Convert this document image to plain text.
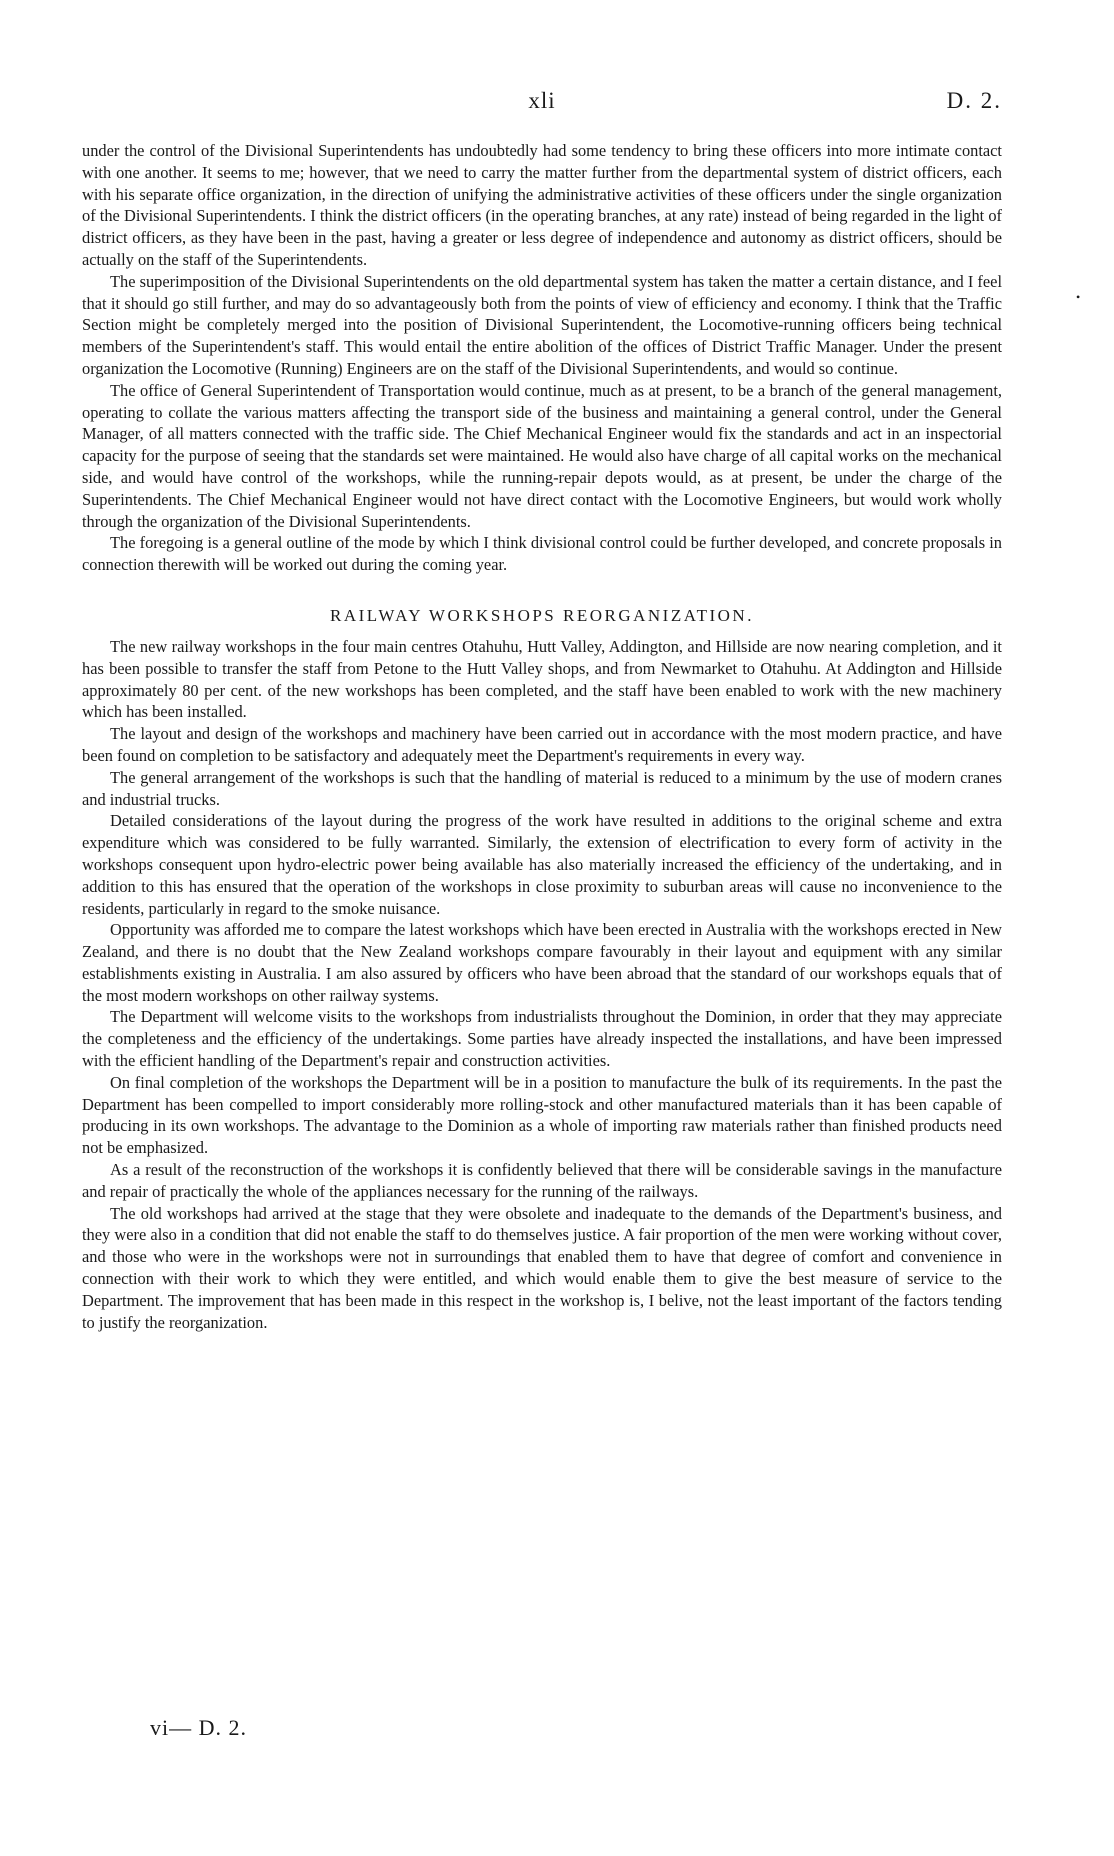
xli	D. 2.
•

under the control of the Divisional Superintendents has undoubtedly had some tendency to bring these officers into more intimate contact with one another. It seems to me; however, that we need to carry the matter further from the departmental system of district officers, each with his separate office organization, in the direction of unifying the administrative activities of these officers under the single organization of the Divisional Superintendents. I think the district officers (in the operating branches, at any rate) instead of being regarded in the light of district officers, as they have been in the past, having a greater or less degree of independence and autonomy as district officers, should be actually on the staff of the Superintendents.

The superimposition of the Divisional Superintendents on the old departmental system has taken the matter a certain distance, and I feel that it should go still further, and may do so advantageously both from the points of view of efficiency and economy. I think that the Traffic Section might be completely merged into the position of Divisional Superintendent, the Locomotive-running officers being technical members of the Superintendent's staff. This would entail the entire abolition of the offices of District Traffic Manager. Under the present organization the Locomotive (Running) Engineers are on the staff of the Divisional Superintendents, and would so continue.

The office of General Superintendent of Transportation would continue, much as at present, to be a branch of the general management, operating to collate the various matters affecting the transport side of the business and maintaining a general control, under the General Manager, of all matters connected with the traffic side. The Chief Mechanical Engineer would fix the standards and act in an inspectorial capacity for the purpose of seeing that the standards set were maintained. He would also have charge of all capital works on the mechanical side, and would have control of the workshops, while the running-repair depots would, as at present, be under the charge of the Superintendents. The Chief Mechanical Engineer would not have direct contact with the Locomotive Engineers, but would work wholly through the organization of the Divisional Superintendents.

The foregoing is a general outline of the mode by which I think divisional control could be further developed, and concrete proposals in connection therewith will be worked out during the coming year.

RAILWAY WORKSHOPS REORGANIZATION.

The new railway workshops in the four main centres Otahuhu, Hutt Valley, Addington, and Hillside are now nearing completion, and it has been possible to transfer the staff from Petone to the Hutt Valley shops, and from Newmarket to Otahuhu. At Addington and Hillside approximately 80 per cent. of the new workshops has been completed, and the staff have been enabled to work with the new machinery which has been installed.

The layout and design of the workshops and machinery have been carried out in accordance with the most modern practice, and have been found on completion to be satisfactory and adequately meet the Department's requirements in every way.

The general arrangement of the workshops is such that the handling of material is reduced to a minimum by the use of modern cranes and industrial trucks.

Detailed considerations of the layout during the progress of the work have resulted in additions to the original scheme and extra expenditure which was considered to be fully warranted. Similarly, the extension of electrification to every form of activity in the workshops consequent upon hydro-electric power being available has also materially increased the efficiency of the undertaking, and in addition to this has ensured that the operation of the workshops in close proximity to suburban areas will cause no inconvenience to the residents, particularly in regard to the smoke nuisance.

Opportunity was afforded me to compare the latest workshops which have been erected in Australia with the workshops erected in New Zealand, and there is no doubt that the New Zealand workshops compare favourably in their layout and equipment with any similar establishments existing in Australia. I am also assured by officers who have been abroad that the standard of our workshops equals that of the most modern workshops on other railway systems.

The Department will welcome visits to the workshops from industrialists throughout the Dominion, in order that they may appreciate the completeness and the efficiency of the undertakings. Some parties have already inspected the installations, and have been impressed with the efficient handling of the Department's repair and construction activities.

On final completion of the workshops the Department will be in a position to manufacture the bulk of its requirements. In the past the Department has been compelled to import considerably more rolling-stock and other manufactured materials than it has been capable of producing in its own workshops. The advantage to the Dominion as a whole of importing raw materials rather than finished products need not be emphasized.

As a result of the reconstruction of the workshops it is confidently believed that there will be considerable savings in the manufacture and repair of practically the whole of the appliances necessary for the running of the railways.

The old workshops had arrived at the stage that they were obsolete and inadequate to the demands of the Department's business, and they were also in a condition that did not enable the staff to do themselves justice. A fair proportion of the men were working without cover, and those who were in the workshops were not in surroundings that enabled them to have that degree of comfort and convenience in connection with their work to which they were entitled, and which would enable them to give the best measure of service to the Department. The improvement that has been made in this respect in the workshop is, I belive, not the least important of the factors tending to justify the reorganization.

vi— D. 2.
